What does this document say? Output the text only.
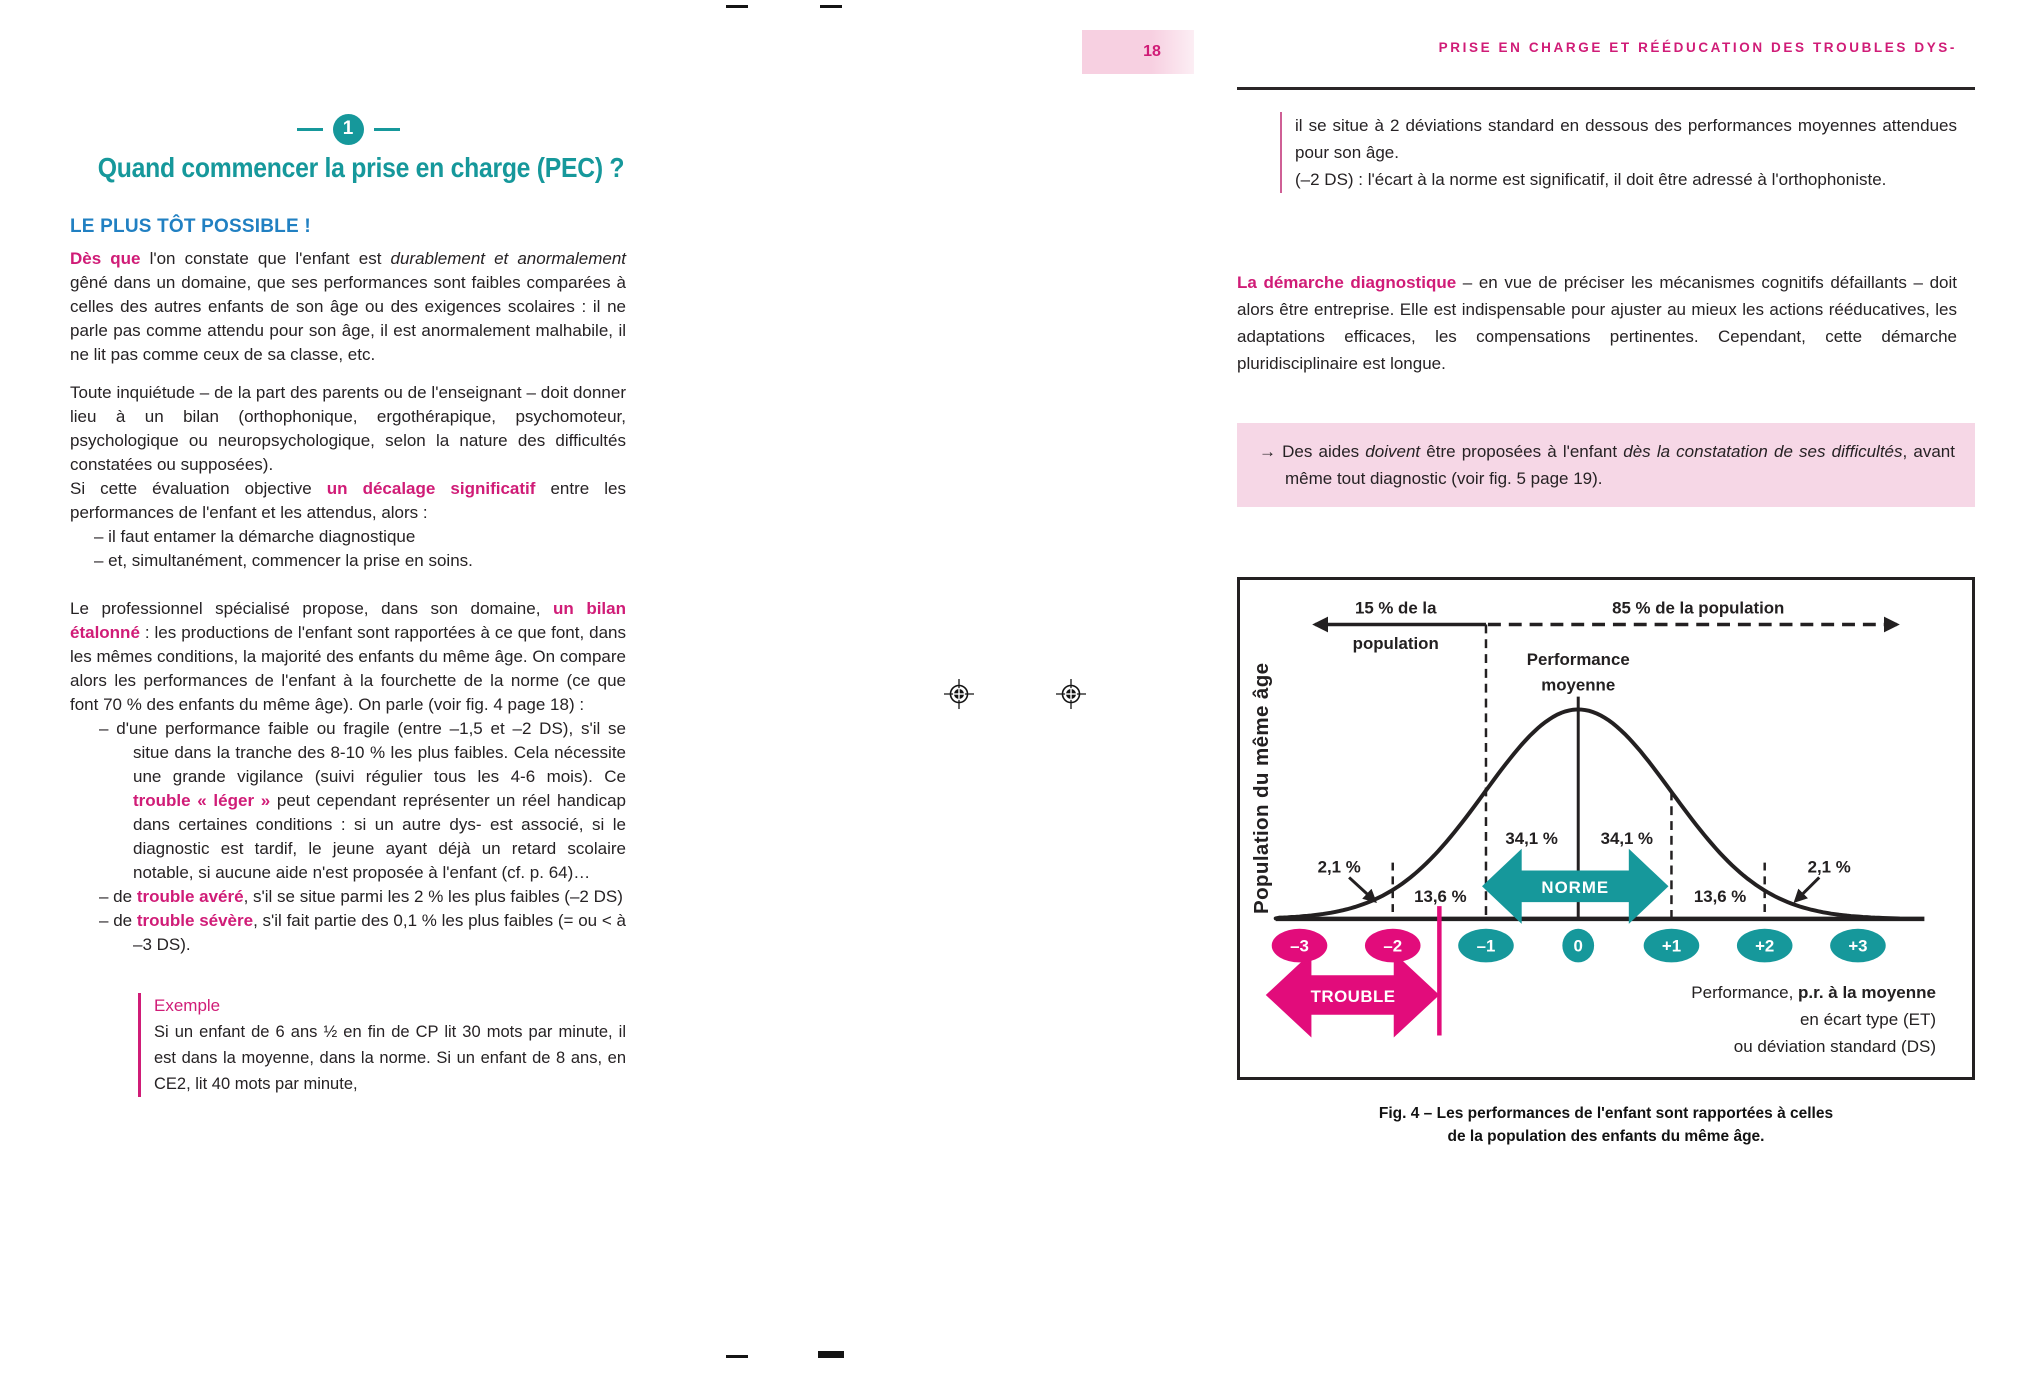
18	PRISE EN CHARGE ET RÉÉDUCATION DES TROUBLES DYS-
1
Quand commencer la prise en charge (PEC) ?
LE PLUS TÔT POSSIBLE !

Dès que l'on constate que l'enfant est durablement et anormalement gêné dans un domaine, que ses performances sont faibles comparées à celles des autres enfants de son âge ou des exigences scolaires : il ne parle pas comme attendu pour son âge, il est anormalement malhabile, il ne lit pas comme ceux de sa classe, etc.

Toute inquiétude – de la part des parents ou de l'enseignant – doit donner lieu à un bilan (orthophonique, ergothérapique, psychomoteur, psychologique ou neuropsychologique, selon la nature des difficultés constatées ou supposées).

Si cette évaluation objective un décalage significatif entre les performances de l'enfant et les attendus, alors :

– il faut entamer la démarche diagnostique

– et, simultanément, commencer la prise en soins.

Le professionnel spécialisé propose, dans son domaine, un bilan étalonné : les productions de l'enfant sont rapportées à ce que font, dans les mêmes conditions, la majorité des enfants du même âge. On compare alors les performances de l'enfant à la fourchette de la norme (ce que font 70 % des enfants du même âge). On parle (voir fig. 4 page 18) :

– d'une performance faible ou fragile (entre –1,5 et –2 DS), s'il se situe dans la tranche des 8-10 % les plus faibles. Cela nécessite une grande vigilance (suivi régulier tous les 4-6 mois). Ce trouble « léger » peut cependant représenter un réel handicap dans certaines conditions : si un autre dys- est associé, si le diagnostic est tardif, le jeune ayant déjà un retard scolaire notable, si aucune aide n'est proposée à l'enfant (cf. p. 64)…

– de trouble avéré, s'il se situe parmi les 2 % les plus faibles (–2 DS)

– de trouble sévère, s'il fait partie des 0,1 % les plus faibles (= ou < à –3 DS).

Exemple
Si un enfant de 6 ans ½ en fin de CP lit 30 mots par minute, il est dans la moyenne, dans la norme. Si un enfant de 8 ans, en CE2, lit 40 mots par minute,

il se situe à 2 déviations standard en dessous des performances moyennes attendues pour son âge.

(–2 DS) : l'écart à la norme est significatif, il doit être adressé à l'orthophoniste.

La démarche diagnostique – en vue de préciser les mécanismes cognitifs défaillants – doit alors être entreprise. Elle est indispensable pour ajuster au mieux les actions rééducatives, les adaptations efficaces, les compensations pertinentes. Cependant, cette démarche pluridisciplinaire est longue.

→ Des aides doivent être proposées à l'enfant dès la constatation de ses difficultés, avant même tout diagnostic (voir fig. 5 page 19).

NORME
TROUBLE
–3	–2	–1	0	+1	+2	+3
15 % de la
population
85 % de la population
Performance
moyenne
34,1 %	34,1 %
13,6 %	13,6 %
2,1 %	2,1 %
Population du même âge
Performance, p.r. à la moyenne
en écart type (ET)
ou déviation standard (DS)
Fig. 4 – Les performances de l'enfant sont rapportées à celles
de la population des enfants du même âge.
